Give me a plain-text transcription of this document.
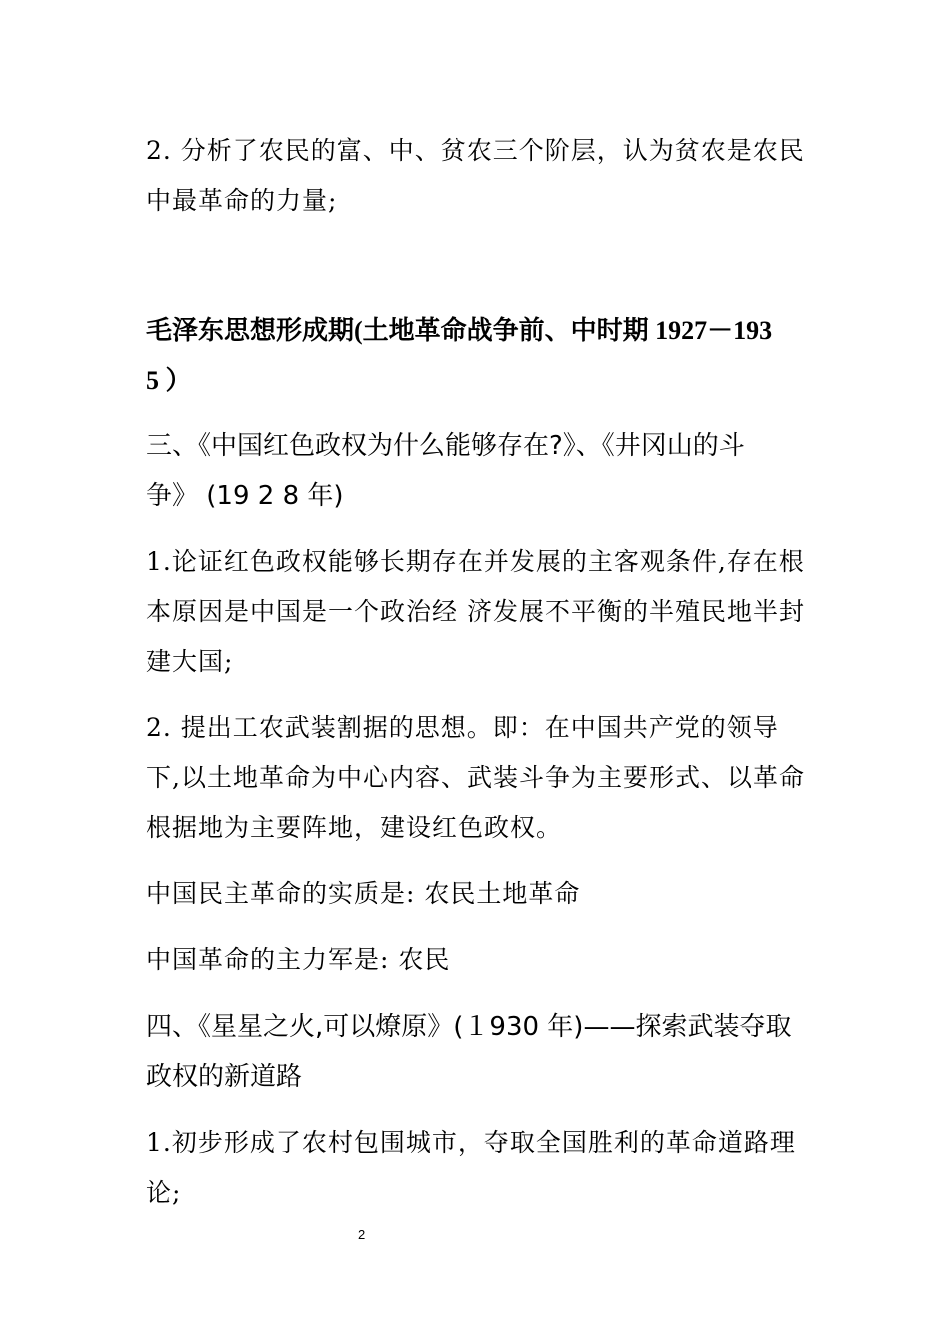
2. 分析了农民的富、中、贫农三个阶层，认为贫农是农民
中最革命的力量;
毛泽东思想形成期(土地革命战争前、中时期 1927－193
5 ）
三、《中国红色政权为什么能够存在?》、《井冈山的斗
争》 (19 2 8 年)
1.论证红色政权能够长期存在并发展的主客观条件,存在根
本原因是中国是一个政治经 济发展不平衡的半殖民地半封
建大国;
2. 提出工农武装割据的思想。即：在中国共产党的领导
下,以土地革命为中心内容、武装斗争为主要形式、以革命
根据地为主要阵地，建设红色政权。
中国民主革命的实质是: 农民土地革命
中国革命的主力军是: 农民
四、《星星之火,可以燎原》(１930 年)——探索武装夺取
政权的新道路
1.初步形成了农村包围城市，夺取全国胜利的革命道路理
论;
2
